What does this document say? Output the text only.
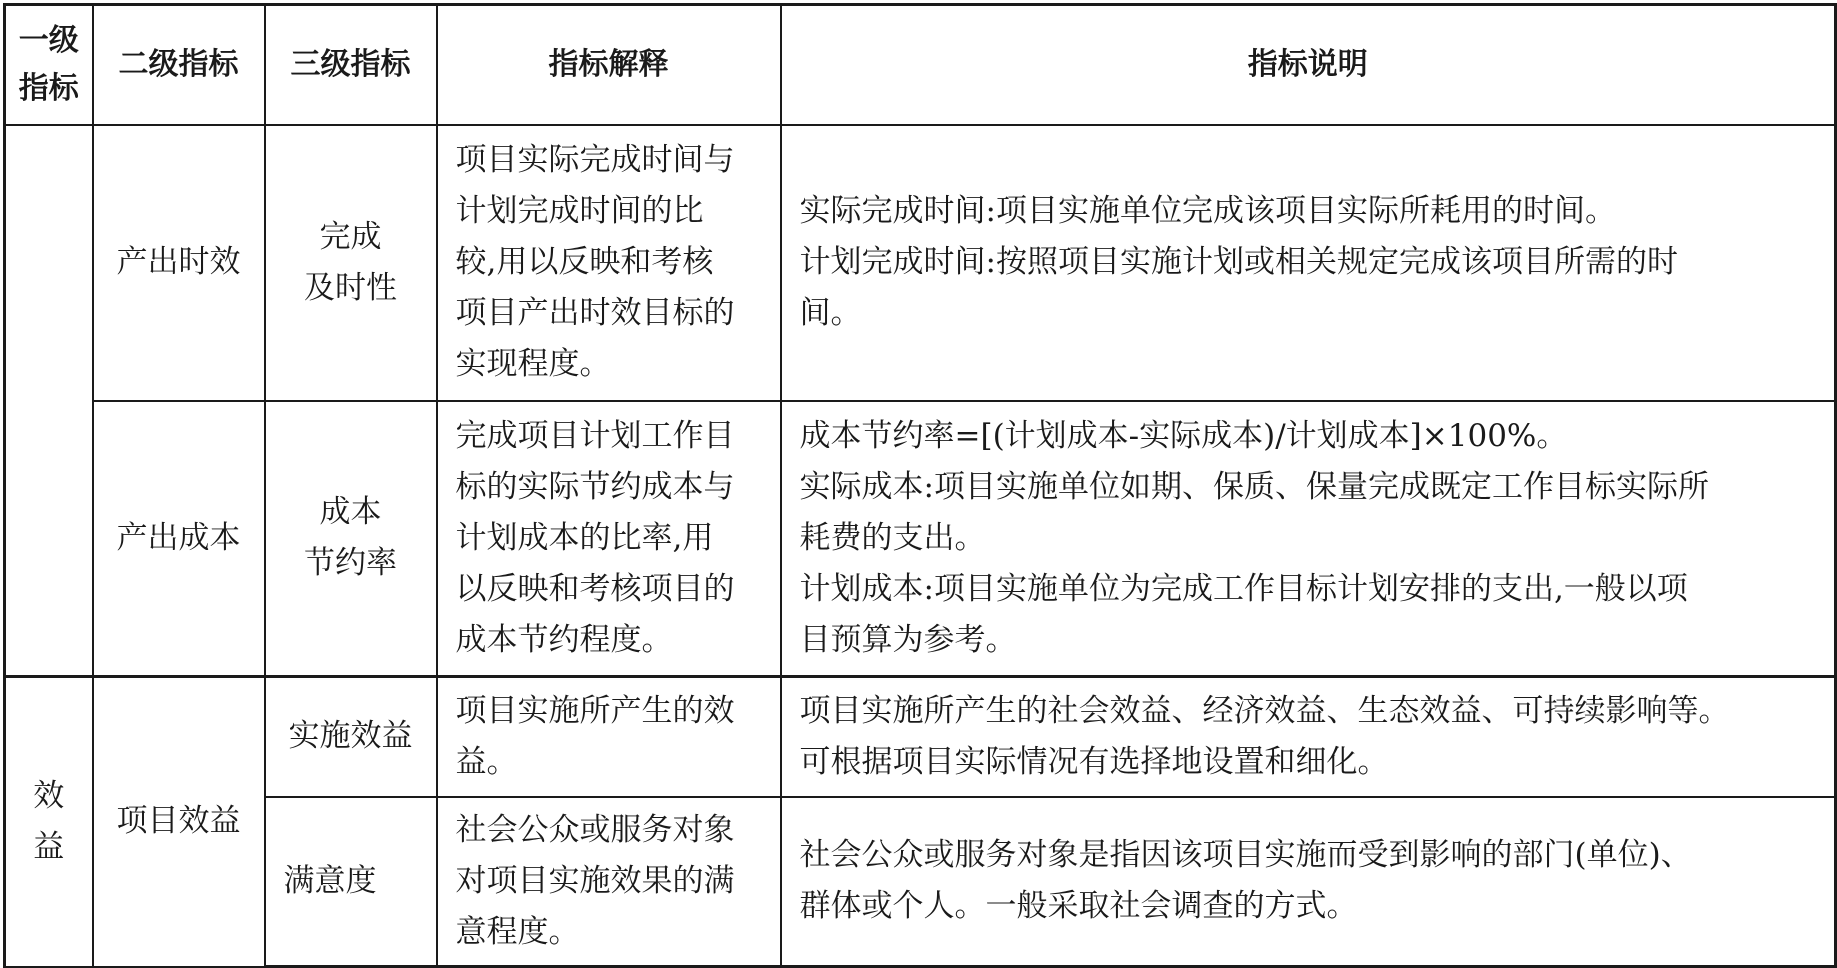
一级
指标	二级指标	三级指标	指标解释	指标说明
	产出时效	完成
及时性	项目实际完成时间与
计划完成时间的比
较,用以反映和考核
项目产出时效目标的
实现程度。	实际完成时间:项目实施单位完成该项目实际所耗用的时间。
计划完成时间:按照项目实施计划或相关规定完成该项目所需的时
间。

	产出成本	成本
节约率	完成项目计划工作目
标的实际节约成本与
计划成本的比率,用
以反映和考核项目的
成本节约程度。	成本节约率=[(计划成本-实际成本)/计划成本]×100%。
实际成本:项目实施单位如期、保质、保量完成既定工作目标实际所
耗费的支出。
计划成本:项目实施单位为完成工作目标计划安排的支出,一般以项
目预算为参考。

效益	项目效益	实施效益	项目实施所产生的效
益。	项目实施所产生的社会效益、经济效益、生态效益、可持续影响等。
可根据项目实际情况有选择地设置和细化。

		满意度	社会公众或服务对象
对项目实施效果的满
意程度。	社会公众或服务对象是指因该项目实施而受到影响的部门(单位)、
群体或个人。一般采取社会调查的方式。
